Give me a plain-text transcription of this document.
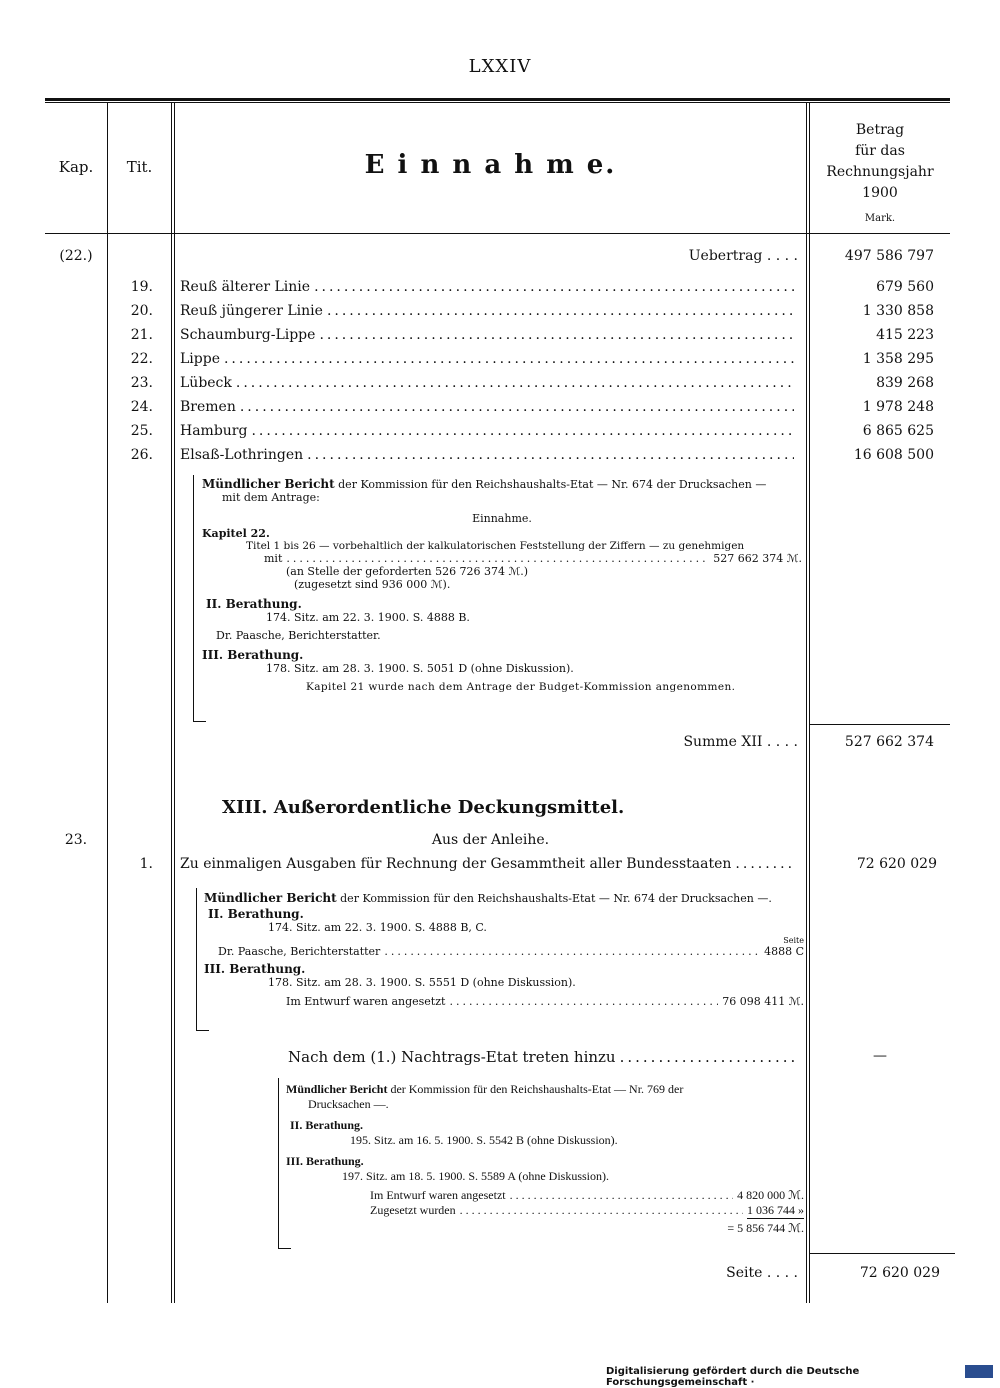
LXXIV
Kap.	Tit.	E i n n a h m e.
Betrag
für das
Rechnungsjahr
1900
Mark.
(22.)	Uebertrag . . . .	497 586 797
19. Reuß älterer Linie .....	679 560
20. Reuß jüngerer Linie .....	1 330 858
21. Schaumburg-Lippe .....	415 223
22. Lippe .....	1 358 295
23. Lübeck .....	839 268
24. Bremen .....	1 978 248
25. Hamburg .....	6 865 625
26. Elsaß-Lothringen .....	16 608 500
Mündlicher Bericht der Kommission für den Reichshaushalts-Etat — Nr. 674 der Drucksachen —
mit dem Antrage:
Einnahme.
Kapitel 22.
Titel 1 bis 26 — vorbehaltlich der kalkulatorischen Feststellung der Ziffern — zu genehmigen
mit .....	527 662 374 ℳ.
(an Stelle der geforderten 526 726 374 ℳ.)
(zugesetzt sind 936 000 ℳ).
II. Berathung.
174. Sitz. am 22. 3. 1900. S. 4888 B.
Dr. Paasche, Berichterstatter.
III. Berathung.
178. Sitz. am 28. 3. 1900. S. 5051 D (ohne Diskussion).
Kapitel 21 wurde nach dem Antrage der Budget-Kommission angenommen.
Summe XII . . . .	527 662 374
XIII. Außerordentliche Deckungsmittel.
23.	Aus der Anleihe.
1. Zu einmaligen Ausgaben für Rechnung der Gesammtheit aller Bundesstaaten .....	72 620 029
Mündlicher Bericht der Kommission für den Reichshaushalts-Etat — Nr. 674 der Drucksachen —.
II. Berathung.
174. Sitz. am 22. 3. 1900. S. 4888 B, C.
Seite
Dr. Paasche, Berichterstatter .....	4888 C
III. Berathung.
178. Sitz. am 28. 3. 1900. S. 5551 D (ohne Diskussion).
Im Entwurf waren angesetzt .....	76 098 411 ℳ.
Nach dem (1.) Nachtrags-Etat treten hinzu .....	—
Mündlicher Bericht der Kommission für den Reichshaushalts-Etat — Nr. 769 der
Drucksachen —.
II. Berathung.
195. Sitz. am 16. 5. 1900. S. 5542 B (ohne Diskussion).
III. Berathung.
197. Sitz. am 18. 5. 1900. S. 5589 A (ohne Diskussion).
Im Entwurf waren angesetzt .....	4 820 000 ℳ.
Zugesetzt wurden .....	1 036 744 »
= 5 856 744 ℳ.
Seite . . . .	72 620 029
Digitalisierung gefördert durch die Deutsche Forschungsgemeinschaft ·
